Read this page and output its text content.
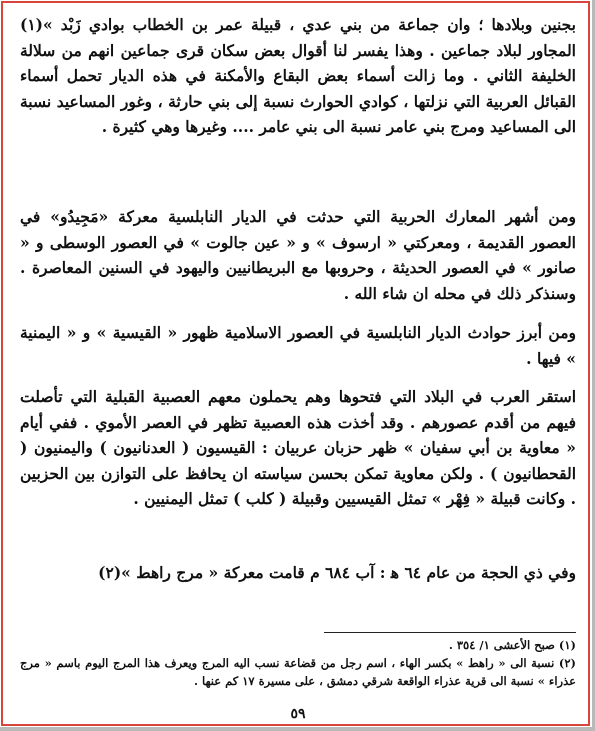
بجنين وبلادها ؛ وان جماعة من بني عدي ، قبيلة عمر بن الخطاب بوادي زَبْد »(١) المجاور لبلاد جماعين . وهذا يفسر لنا أقوال بعض سكان قرى جماعين انهم من سلالة الخليفة الثاني . وما زالت أسماء بعض البقاع والأمكنة في هذه الديار تحمل أسماء القبائل العربية التي نزلتها ، كوادي الحوارث نسبة إلى بني حارثة ، وغور المساعيد نسبة الى المساعيد ومرج بني عامر نسبة الى بني عامر .... وغيرها وهي كثيرة .

ومن أشهر المعارك الحربية التي حدثت في الديار النابلسية معركة «مَجِيدُو» في العصور القديمة ، ومعركتي « ارسوف » و « عين جالوت » في العصور الوسطى و « صانور » في العصور الحديثة ، وحروبها مع البريطانيين واليهود في السنين المعاصرة . وسنذكر ذلك في محله ان شاء الله .

ومن أبرز حوادث الديار النابلسية في العصور الاسلامية ظهور « القيسية » و « اليمنية » فيها .

استقر العرب في البلاد التي فتحوها وهم يحملون معهم العصبية القبلية التي تأصلت فيهم من أقدم عصورهم . وقد أخذت هذه العصبية تظهر في العصر الأموي . ففي أيام « معاوية بن أبي سفيان » ظهر حزبان عربيان : القيسيون ( العدنانيون ) واليمنيون ( القحطانيون ) . ولكن معاوية تمكن بحسن سياسته ان يحافظ على التوازن بين الحزبين . وكانت قبيلة « فِهْر » تمثل القيسيين وقبيلة ( كلب ) تمثل اليمنيين .

وفي ذي الحجة من عام ٦٤ ﻫ : آب ٦٨٤ م قامت معركة « مرج راهط »(٢)

(١) صبح الأعشى ١/ ٣٥٤ .

(٢) نسبة الى « راهط » بكسر الهاء ، اسم رجل من قضاعة نسب اليه المرج ويعرف هذا المرج اليوم باسم « مرج عذراء » نسبة الى قرية عذراء الواقعة شرقي دمشق ، على مسيرة ١٧ كم عنها .

٥٩
